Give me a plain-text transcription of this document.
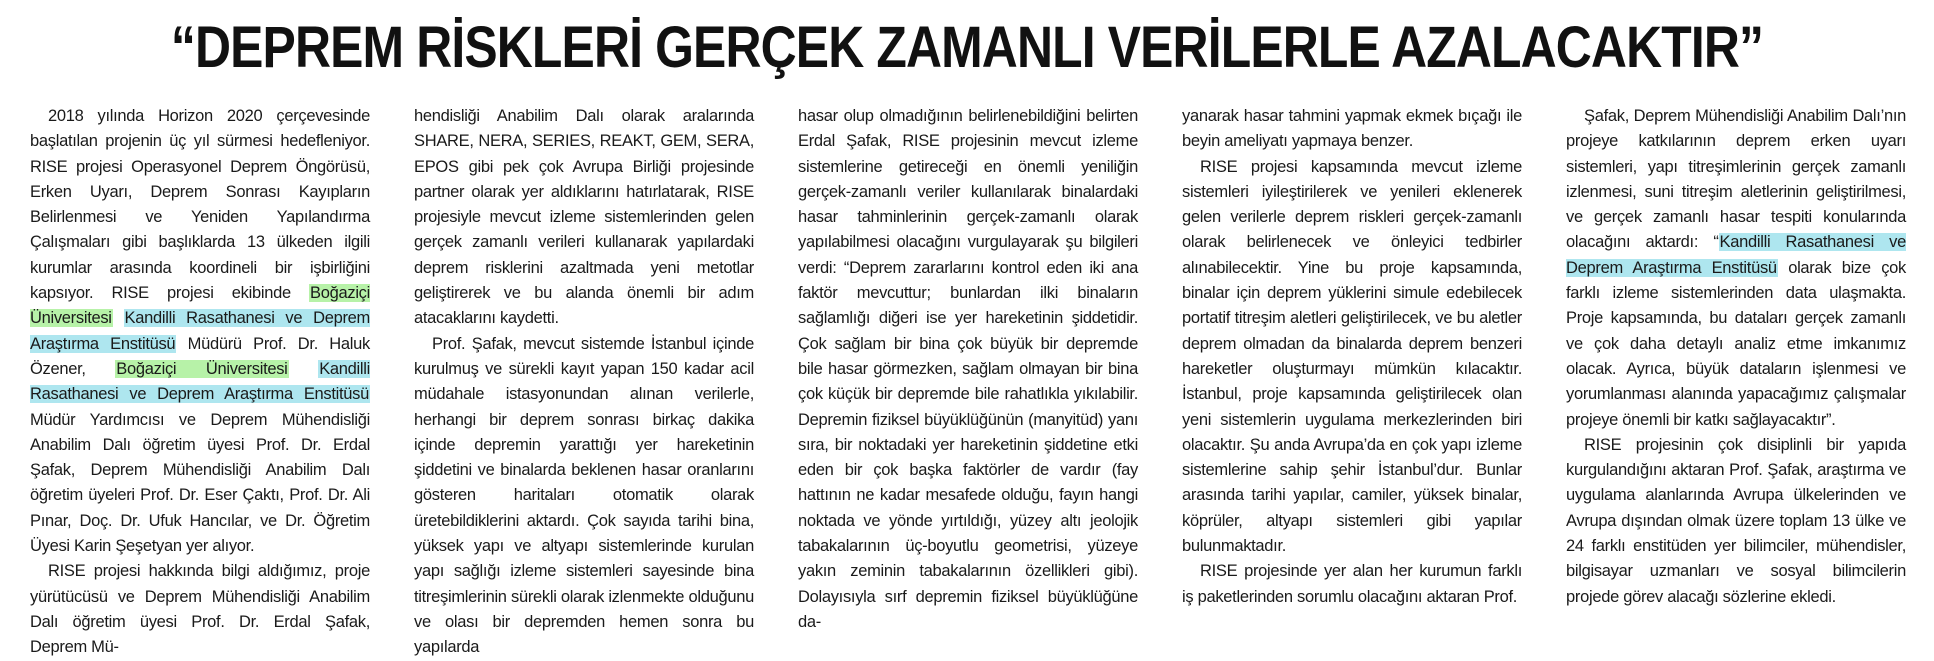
“ DEPREM RİSKLERİ GERÇEK ZAMANLI VERİLERLE AZALACAKTIR ”

2018 yılında Horizon 2020 çerçevesinde başlatılan projenin üç yıl sürmesi hedefleniyor. RISE projesi Operasyonel Deprem Öngörüsü, Erken Uyarı, Deprem Sonrası Kayıpların Belirlenmesi ve Yeniden Yapılandırma Çalışmaları gibi başlıklarda 13 ülkeden ilgili kurumlar arasında koordineli bir işbirliğini kapsıyor. RISE projesi ekibinde Boğaziçi Üniversitesi Kandilli Rasathanesi ve Deprem Araştırma Enstitüsü Müdürü Prof. Dr. Haluk Özener, Boğaziçi Üniversitesi Kandilli Rasathanesi ve Deprem Araştırma Enstitüsü Müdür Yardımcısı ve Deprem Mühendisliği Anabilim Dalı öğretim üyesi Prof. Dr. Erdal Şafak, Deprem Mühendisliği Anabilim Dalı öğretim üyeleri Prof. Dr. Eser Çaktı, Prof. Dr. Ali Pınar, Doç. Dr. Ufuk Hancılar, ve Dr. Öğretim Üyesi Karin Şeşetyan yer alıyor.

RISE projesi hakkında bilgi aldığımız, proje yürütücüsü ve Deprem Mühendisliği Anabilim Dalı öğretim üyesi Prof. Dr. Erdal Şafak, Deprem Mü-

hendisliği Anabilim Dalı olarak aralarında SHARE, NERA, SERIES, REAKT, GEM, SERA, EPOS gibi pek çok Avrupa Birliği projesinde partner olarak yer aldıklarını hatırlatarak, RISE projesiyle mevcut izleme sistemlerinden gelen gerçek zamanlı verileri kullanarak yapılardaki deprem risklerini azaltmada yeni metotlar geliştirerek ve bu alanda önemli bir adım atacaklarını kaydetti.

Prof. Şafak, mevcut sistemde İstanbul içinde kurulmuş ve sürekli kayıt yapan 150 kadar acil müdahale istasyonundan alınan verilerle, herhangi bir deprem sonrası birkaç dakika içinde depremin yarattığı yer hareketinin şiddetini ve binalarda beklenen hasar oranlarını gösteren haritaları otomatik olarak üretebildiklerini aktardı. Çok sayıda tarihi bina, yüksek yapı ve altyapı sistemlerinde kurulan yapı sağlığı izleme sistemleri sayesinde bina titreşimlerinin sürekli olarak izlenmekte olduğunu ve olası bir depremden hemen sonra bu yapılarda

hasar olup olmadığının belirlenebildiğini belirten Erdal Şafak, RISE projesinin mevcut izleme sistemlerine getireceği en önemli yeniliğin gerçek-zamanlı veriler kullanılarak binalardaki hasar tahminlerinin gerçek-zamanlı olarak yapılabilmesi olacağını vurgulayarak şu bilgileri verdi: “Deprem zararlarını kontrol eden iki ana faktör mevcuttur; bunlardan ilki binaların sağlamlığı diğeri ise yer hareketinin şiddetidir. Çok sağlam bir bina çok büyük bir depremde bile hasar görmezken, sağlam olmayan bir bina çok küçük bir depremde bile rahatlıkla yıkılabilir. Depremin fiziksel büyüklüğünün (manyitüd) yanı sıra, bir noktadaki yer hareketinin şiddetine etki eden bir çok başka faktörler de vardır (fay hattının ne kadar mesafede olduğu, fayın hangi noktada ve yönde yırtıldığı, yüzey altı jeolojik tabakalarının üç-boyutlu geometrisi, yüzeye yakın zeminin tabakalarının özellikleri gibi). Dolayısıyla sırf depremin fiziksel büyüklüğüne da-

yanarak hasar tahmini yapmak ekmek bıçağı ile beyin ameliyatı yapmaya benzer.

RISE projesi kapsamında mevcut izleme sistemleri iyileştirilerek ve yenileri eklenerek gelen verilerle deprem riskleri gerçek-zamanlı olarak belirlenecek ve önleyici tedbirler alınabilecektir. Yine bu proje kapsamında, binalar için deprem yüklerini simule edebilecek portatif titreşim aletleri geliştirilecek, ve bu aletler deprem olmadan da binalarda deprem benzeri hareketler oluşturmayı mümkün kılacaktır. İstanbul, proje kapsamında geliştirilecek olan yeni sistemlerin uygulama merkezlerinden biri olacaktır. Şu anda Avrupa’da en çok yapı izleme sistemlerine sahip şehir İstanbul’dur. Bunlar arasında tarihi yapılar, camiler, yüksek binalar, köprüler, altyapı sistemleri gibi yapılar bulunmaktadır.

RISE projesinde yer alan her kurumun farklı iş paketlerinden sorumlu olacağını aktaran Prof.

Şafak, Deprem Mühendisliği Anabilim Dalı’nın projeye katkılarının deprem erken uyarı sistemleri, yapı titreşimlerinin gerçek zamanlı izlenmesi, suni titreşim aletlerinin geliştirilmesi, ve gerçek zamanlı hasar tespiti konularında olacağını aktardı: “Kandilli Rasathanesi ve Deprem Araştırma Enstitüsü olarak bize çok farklı izleme sistemlerinden data ulaşmakta. Proje kapsamında, bu dataları gerçek zamanlı ve çok daha detaylı analiz etme imkanımız olacak. Ayrıca, büyük dataların işlenmesi ve yorumlanması alanında yapacağımız çalışmalar projeye önemli bir katkı sağlayacaktır”.

RISE projesinin çok disiplinli bir yapıda kurgulandığını aktaran Prof. Şafak, araştırma ve uygulama alanlarında Avrupa ülkelerinden ve Avrupa dışından olmak üzere toplam 13 ülke ve 24 farklı enstitüden yer bilimciler, mühendisler, bilgisayar uzmanları ve sosyal bilimcilerin projede görev alacağı sözlerine ekledi.
